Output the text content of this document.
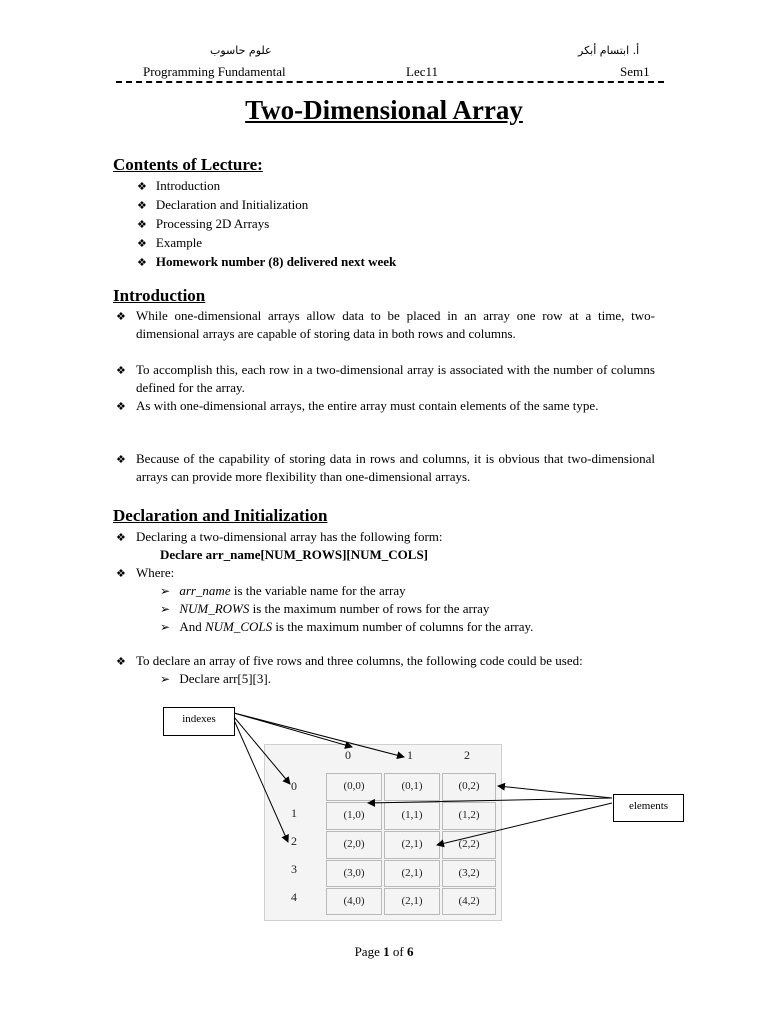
علوم حاسوب	أ. ابتسام أبكر
Programming Fundamental	Lec11	Sem1
Two-Dimensional Array
Contents of Lecture:
❖ Introduction
❖ Declaration and Initialization
❖ Processing 2D Arrays
❖ Example
❖ Homework number (8) delivered next week
Introduction
❖ While one-dimensional arrays allow data to be placed in an array one row at a time, two-dimensional arrays are capable of storing data in both rows and columns.
❖ To accomplish this, each row in a two-dimensional array is associated with the number of columns defined for the array.
❖ As with one-dimensional arrays, the entire array must contain elements of the same type.
❖ Because of the capability of storing data in rows and columns, it is obvious that two-dimensional arrays can provide more flexibility than one-dimensional arrays.
Declaration and Initialization
❖ Declaring a two-dimensional array has the following form:
Declare arr_name[NUM_ROWS][NUM_COLS]
❖ Where:
➢ arr_name is the variable name for the array
➢ NUM_ROWS is the maximum number of rows for the array
➢ And NUM_COLS is the maximum number of columns for the array.
❖ To declare an array of five rows and three columns, the following code could be used:
➢ Declare arr[5][3].
0	1	2
0
1
2
3
4
(0,0)	(0,1)	(0,2)
(1,0)	(1,1)	(1,2)
(2,0)	(2,1)	(2,2)
(3,0)	(2,1)	(3,2)
(4,0)	(2,1)	(4,2)
indexes
elements
Page 1 of 6
